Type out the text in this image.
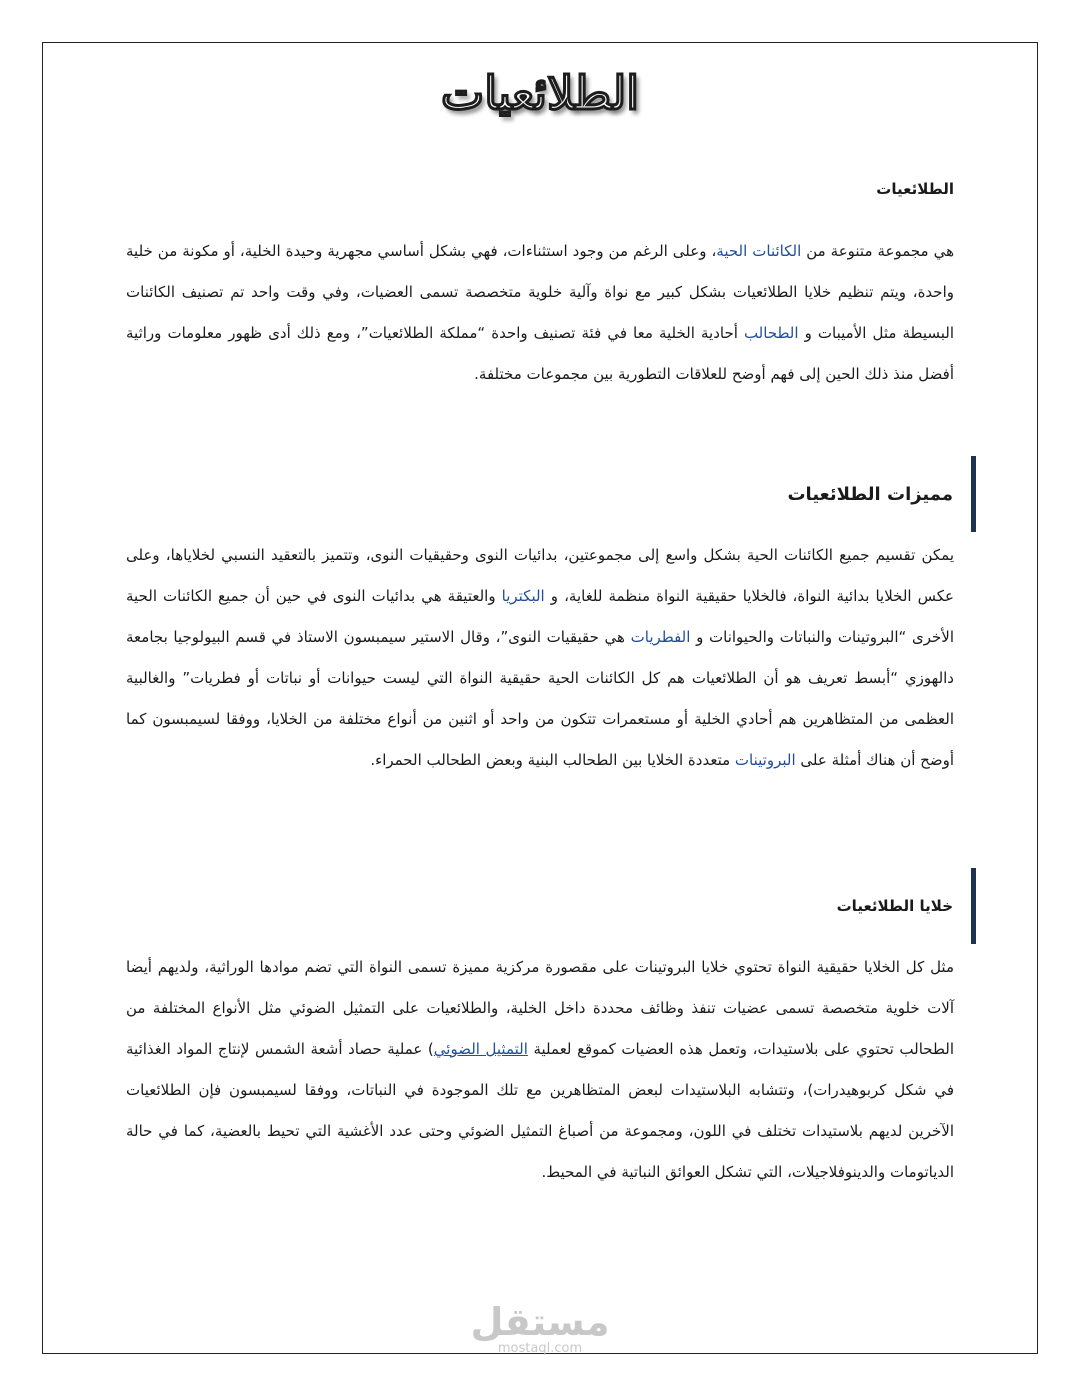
الطلائعيات
الطلائعيات

هي مجموعة متنوعة من الكائنات الحية، وعلى الرغم من وجود استثناءات، فهي بشكل أساسي مجهرية وحيدة الخلية، أو مكونة من خلية واحدة، ويتم تنظيم خلايا الطلائعيات بشكل كبير مع نواة وآلية خلوية متخصصة تسمى العضيات، وفي وقت واحد تم تصنيف الكائنات البسيطة مثل الأميبات و الطحالب أحادية الخلية معا في فئة تصنيف واحدة “مملكة الطلائعيات”، ومع ذلك أدى ظهور معلومات وراثية أفضل منذ ذلك الحين إلى فهم أوضح للعلاقات التطورية بين مجموعات مختلفة.

مميزات الطلائعيات

يمكن تقسيم جميع الكائنات الحية بشكل واسع إلى مجموعتين، بدائيات النوى وحقيقيات النوى، وتتميز بالتعقيد النسبي لخلاياها، وعلى عكس الخلايا بدائية النواة، فالخلايا حقيقية النواة منظمة للغاية، و البكتريا والعتيقة هي بدائيات النوى في حين أن جميع الكائنات الحية الأخرى “البروتينات والنباتات والحيوانات و الفطريات هي حقيقيات النوى”، وقال الاستير سيمبسون الاستاذ في قسم البيولوجيا بجامعة دالهوزي “أبسط تعريف هو أن الطلائعيات هم كل الكائنات الحية حقيقية النواة التي ليست حيوانات أو نباتات أو فطريات” والغالبية العظمى من المتظاهرين هم أحادي الخلية أو مستعمرات تتكون من واحد أو اثنين من أنواع مختلفة من الخلايا، ووفقا لسيمبسون كما أوضح أن هناك أمثلة على البروتينات متعددة الخلايا بين الطحالب البنية وبعض الطحالب الحمراء.

خلايا الطلائعيات

مثل كل الخلايا حقيقية النواة تحتوي خلايا البروتينات على مقصورة مركزية مميزة تسمى النواة التي تضم موادها الوراثية، ولديهم أيضا آلات خلوية متخصصة تسمى عضيات تنفذ وظائف محددة داخل الخلية، والطلائعيات على التمثيل الضوئي مثل الأنواع المختلفة من الطحالب تحتوي على بلاستيدات، وتعمل هذه العضيات كموقع لعملية التمثيل الضوئي) عملية حصاد أشعة الشمس لإنتاج المواد الغذائية في شكل كربوهيدرات)، وتتشابه البلاستيدات لبعض المتظاهرين مع تلك الموجودة في النباتات، ووفقا لسيمبسون فإن الطلائعيات الآخرين لديهم بلاستيدات تختلف في اللون، ومجموعة من أصباغ التمثيل الضوئي وحتى عدد الأغشية التي تحيط بالعضية، كما في حالة الدياتومات والدينوفلاجيلات، التي تشكل العوائق النباتية في المحيط.

مستقل
mostaql.com
